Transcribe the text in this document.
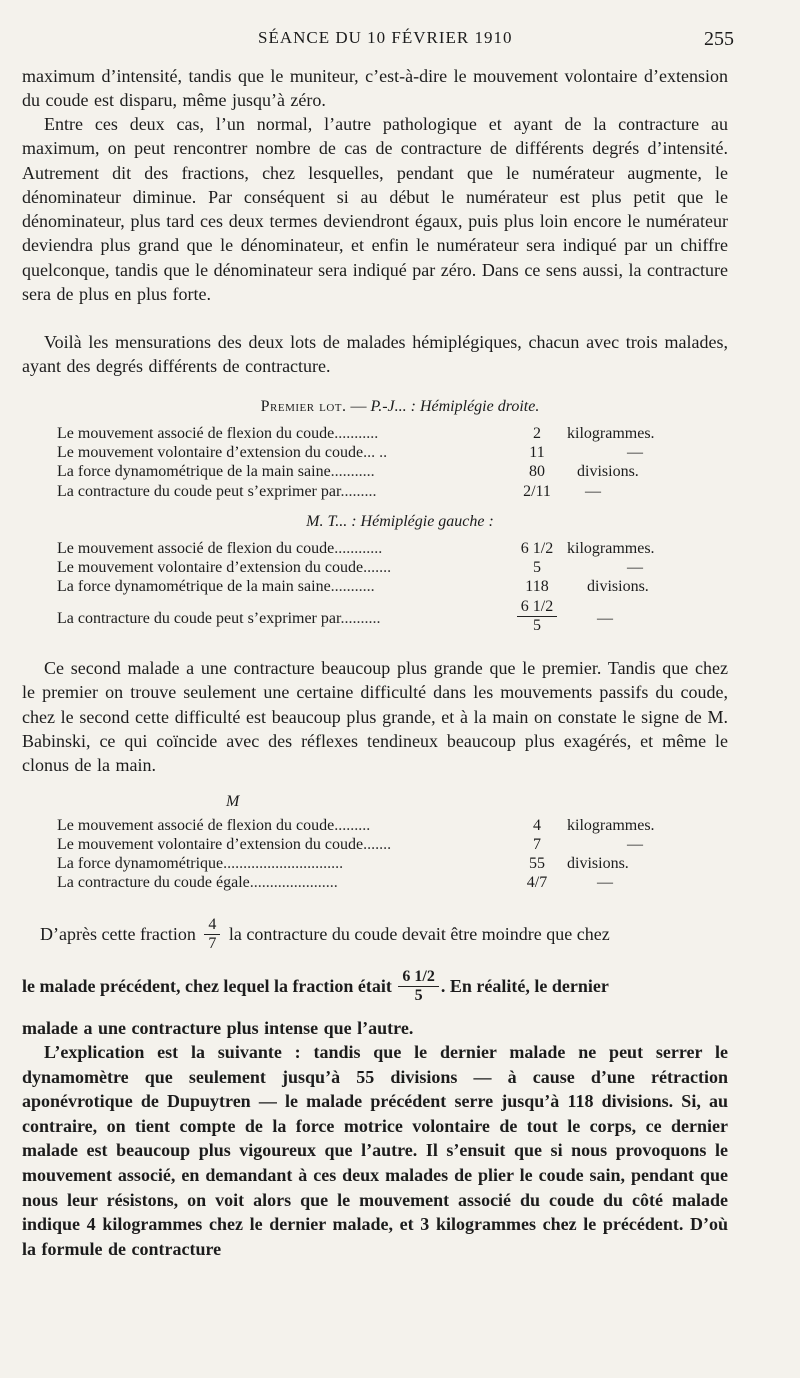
SÉANCE DU 10 FÉVRIER 1910	255
maximum d’intensité, tandis que le muniteur, c’est-à-dire le mouvement volontaire d’extension du coude est disparu, même jusqu’à zéro.
Entre ces deux cas, l’un normal, l’autre pathologique et ayant de la contracture au maximum, on peut rencontrer nombre de cas de contracture de différents degrés d’intensité. Autrement dit des fractions, chez lesquelles, pendant que le numérateur augmente, le dénominateur diminue. Par conséquent si au début le numérateur est plus petit que le dénominateur, plus tard ces deux termes deviendront égaux, puis plus loin encore le numérateur deviendra plus grand que le dénominateur, et enfin le numérateur sera indiqué par un chiffre quelconque, tandis que le dénominateur sera indiqué par zéro. Dans ce sens aussi, la contracture sera de plus en plus forte.
Voilà les mensurations des deux lots de malades hémiplégiques, chacun avec trois malades, ayant des degrés différents de contracture.
Premier lot. — P.-J... : Hémiplégie droite.
Le mouvement associé de flexion du coude...........	2	kilogrammes.
Le mouvement volontaire d’extension du coude... ..	11	—
La force dynamométrique de la main saine...........	80	divisions.
La contracture du coude peut s’exprimer par.........	2/11	—
M. T... : Hémiplégie gauche :
Le mouvement associé de flexion du coude............	6 1/2 kilogrammes.
Le mouvement volontaire d’extension du coude.......	5	—
La force dynamométrique de la main saine...........	118	divisions.
La contracture du coude peut s’exprimer par..........	$\frac{6 1/2}{5}$	—
Ce second malade a une contracture beaucoup plus grande que le premier. Tandis que chez le premier on trouve seulement une certaine difficulté dans les mouvements passifs du coude, chez le second cette difficulté est beaucoup plus grande, et à la main on constate le signe de M. Babinski, ce qui coïncide avec des réflexes tendineux beaucoup plus exagérés, et même le clonus de la main.
M
Le mouvement associé de flexion du coude.........	4	kilogrammes.
Le mouvement volontaire d’extension du coude.......	7	—
La force dynamométrique..............................	55	divisions.
La contracture du coude égale......................	4/7	—
D’après cette fraction $\frac{4}{7}$ la contracture du coude devait être moindre que chez
le malade précédent, chez lequel la fraction était $\frac{6 1/2}{5}$ . En réalité, le dernier
malade a une contracture plus intense que l’autre.
L’explication est la suivante : tandis que le dernier malade ne peut serrer le dynamomètre que seulement jusqu’à 55 divisions — à cause d’une rétraction aponévrotique de Dupuytren — le malade précédent serre jusqu’à 118 divisions. Si, au contraire, on tient compte de la force motrice volontaire de tout le corps, ce dernier malade est beaucoup plus vigoureux que l’autre. Il s’ensuit que si nous provoquons le mouvement associé, en demandant à ces deux malades de plier le coude sain, pendant que nous leur résistons, on voit alors que le mouvement associé du coude du côté malade indique 4 kilogrammes chez le dernier malade, et 3 kilogrammes chez le précédent. D’où la formule de contracture
